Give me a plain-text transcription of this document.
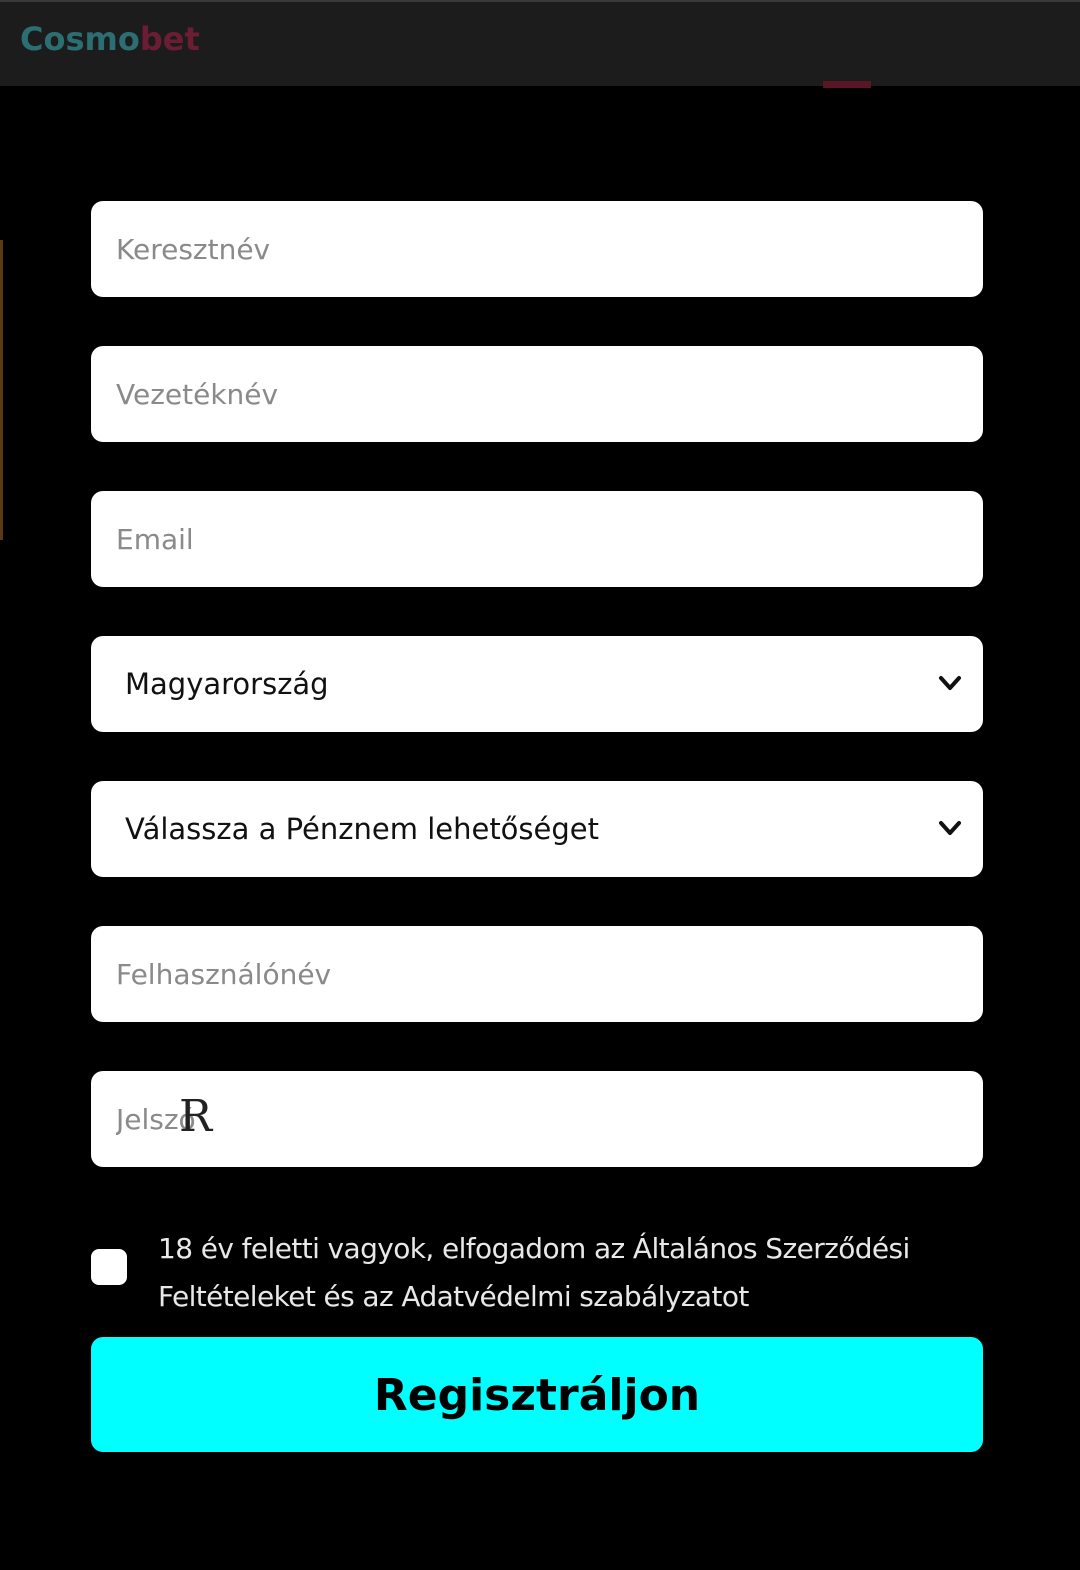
Cosmobet
Keresztnév
Vezetéknév
Email
Magyarország
Válassza a Pénznem lehetőséget
Felhasználónév
R
18 év feletti vagyok, elfogadom az Általános Szerződési Feltételeket és az Adatvédelmi szabályzatot
Regisztráljon
